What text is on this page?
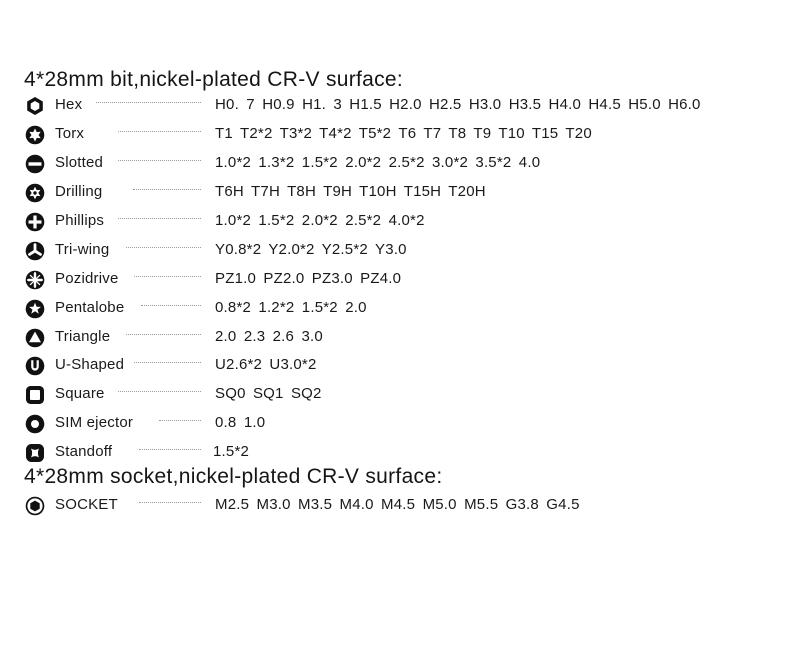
4*28mm bit,nickel-plated CR-V surface:
Hex	H0. 7 H0.9 H1. 3 H1.5 H2.0 H2.5 H3.0 H3.5 H4.0 H4.5 H5.0 H6.0
Torx	T1 T2*2 T3*2 T4*2 T5*2 T6 T7 T8 T9 T10 T15 T20
Slotted	1.0*2 1.3*2 1.5*2 2.0*2 2.5*2 3.0*2 3.5*2 4.0
Drilling	T6H T7H T8H T9H T10H T15H T20H
Phillips	1.0*2 1.5*2 2.0*2 2.5*2 4.0*2
Tri-wing	Y0.8*2 Y2.0*2 Y2.5*2 Y3.0
Pozidrive	PZ1.0 PZ2.0 PZ3.0 PZ4.0
Pentalobe	0.8*2 1.2*2 1.5*2 2.0
Triangle	2.0 2.3 2.6 3.0
U-Shaped	U2.6*2 U3.0*2
Square	SQ0 SQ1 SQ2
SIM ejector	0.8 1.0
Standoff	1.5*2
4*28mm socket,nickel-plated CR-V surface:
SOCKET	M2.5 M3.0 M3.5 M4.0 M4.5 M5.0 M5.5 G3.8 G4.5
